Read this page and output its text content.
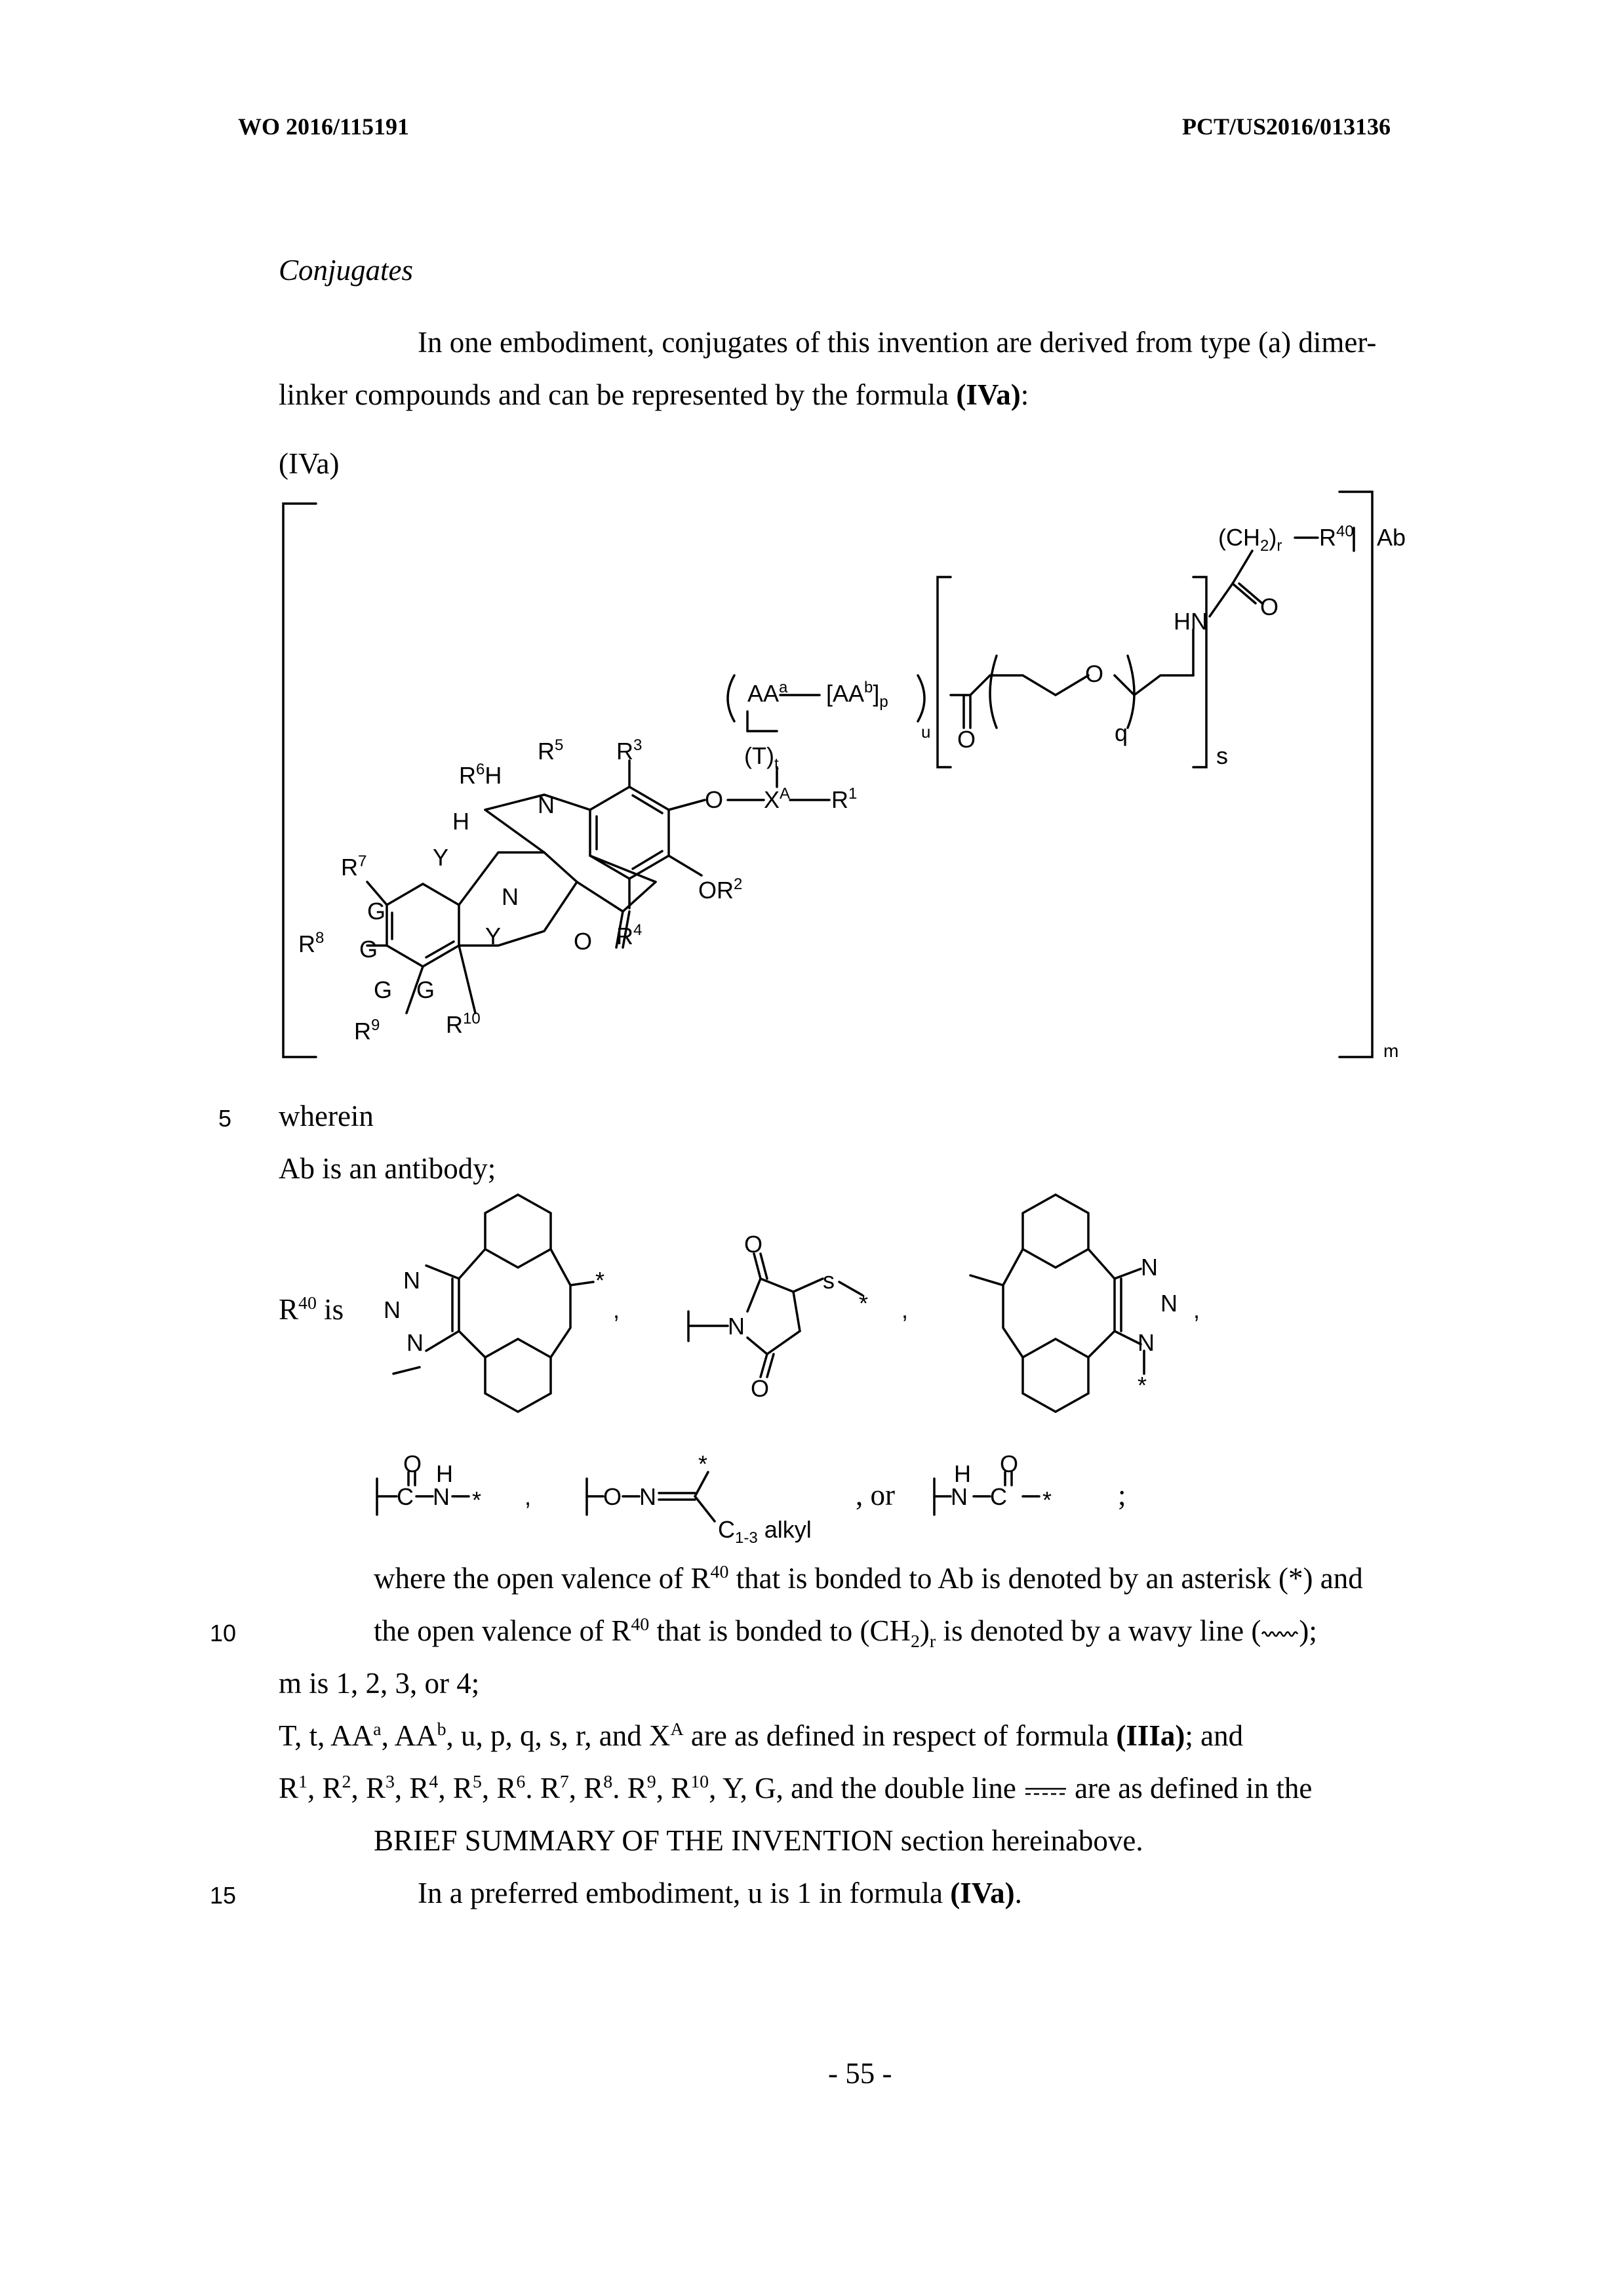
WO 2016/115191	PCT/US2016/013136
Conjugates
In one embodiment, conjugates of this invention are derived from type (a) dimer-
linker compounds and can be represented by the formula (IVa):
(IVa)
$(CH_2)_r$ $R^{40}$ Ab
O
HN
O
O	q
s
m
$AA^a$ $[AA^b]_p$
u
$(T)_t$
O $X^A$ $R^1$
$OR^2$
$R^3$
$R^4$
$R^5$
$R^6H$
N
H
Y
N
Y	O
$R^7$
$R^8$
$R^9$	$R^{10}$
G
G
G G
5 wherein
Ab is an antibody;
$R^{40}$ is
N
N
N
*
,
N
O
O
s
* ,
N
N
N
*
,
C
O
N
H
* ,	O N
*
$C_{1-3}$ alkyl
N
H
C
O
*
, or	;
where the open valence of $R^{40}$ that is bonded to Ab is denoted by an asterisk (*) and
10	the open valence of $R^{40}$ that is bonded to $(CH_2)_r$ is denoted by a wavy line ( );
m is 1, 2, 3, or 4;
T, t, $AA^a$, $AA^b$, u, p, q, s, r, and $X^A$ are as defined in respect of formula (IIIa); and
$R^1$, $R^2$, $R^3$, $R^4$, $R^5$, $R^6$. $R^7$, $R^8$. $R^9$, $R^{10}$, Y, G, and the double line are as defined in the
BRIEF SUMMARY OF THE INVENTION section hereinabove.
15	In a preferred embodiment, u is 1 in formula (IVa).
- 55 -
